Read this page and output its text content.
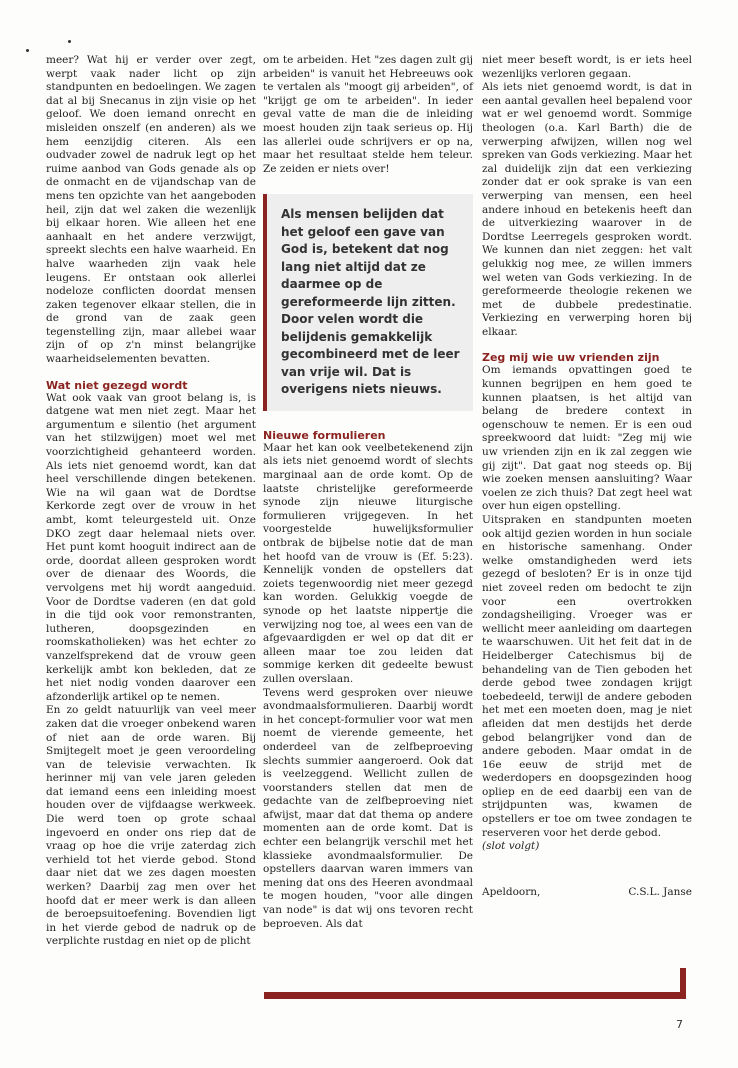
meer? Wat hij er verder over zegt, werpt vaak nader licht op zijn standpunten en bedoelingen. We zagen dat al bij Snecanus in zijn visie op het geloof. We doen iemand onrecht en misleiden onszelf (en anderen) als we hem eenzijdig citeren. Als een oudvader zowel de nadruk legt op het ruime aanbod van Gods genade als op de onmacht en de vijandschap van de mens ten opzichte van het aangeboden heil, zijn dat wel zaken die wezenlijk bij elkaar horen. Wie alleen het ene aanhaalt en het andere verzwijgt, spreekt slechts een halve waarheid. En halve waarheden zijn vaak hele leugens. Er ontstaan ook allerlei nodeloze conflicten doordat mensen zaken tegenover elkaar stellen, die in de grond van de zaak geen tegenstelling zijn, maar allebei waar zijn of op z'n minst belangrijke waarheidselementen bevatten.

Wat niet gezegd wordt

Wat ook vaak van groot belang is, is datgene wat men niet zegt. Maar het argumentum e silentio (het argument van het stilzwijgen) moet wel met voorzichtigheid gehanteerd worden. Als iets niet genoemd wordt, kan dat heel verschillende dingen betekenen. Wie na wil gaan wat de Dordtse Kerkorde zegt over de vrouw in het ambt, komt teleurgesteld uit. Onze DKO zegt daar helemaal niets over. Het punt komt hooguit indirect aan de orde, doordat alleen gesproken wordt over de dienaar des Woords, die vervolgens met hij wordt aangeduid. Voor de Dordtse vaderen (en dat gold in die tijd ook voor remonstranten, lutheren, doopsgezinden en roomskatholieken) was het echter zo vanzelfsprekend dat de vrouw geen kerkelijk ambt kon bekleden, dat ze het niet nodig vonden daarover een afzonderlijk artikel op te nemen.

En zo geldt natuurlijk van veel meer zaken dat die vroeger onbekend waren of niet aan de orde waren. Bij Smijtegelt moet je geen veroordeling van de televisie verwachten. Ik herinner mij van vele jaren geleden dat iemand eens een inleiding moest houden over de vijfdaagse werkweek. Die werd toen op grote schaal ingevoerd en onder ons riep dat de vraag op hoe die vrije zaterdag zich verhield tot het vierde gebod. Stond daar niet dat we zes dagen moesten werken? Daarbij zag men over het hoofd dat er meer werk is dan alleen de beroepsuitoefening. Bovendien ligt in het vierde gebod de nadruk op de verplichte rustdag en niet op de plicht

om te arbeiden. Het "zes dagen zult gij arbeiden" is vanuit het Hebreeuws ook te vertalen als "moogt gij arbeiden", of "krijgt ge om te arbeiden". In ieder geval vatte de man die de inleiding moest houden zijn taak serieus op. Hij las allerlei oude schrijvers er op na, maar het resultaat stelde hem teleur. Ze zeiden er niets over!

Als mensen belijden dat het geloof een gave van God is, betekent dat nog lang niet altijd dat ze daarmee op de gereformeerde lijn zitten. Door velen wordt die belijdenis gemakkelijk gecombineerd met de leer van vrije wil. Dat is overigens niets nieuws.
Nieuwe formulieren

Maar het kan ook veelbetekenend zijn als iets niet genoemd wordt of slechts marginaal aan de orde komt. Op de laatste christelijke gereformeerde synode zijn nieuwe liturgische formulieren vrijgegeven. In het voorgestelde huwelijksformulier ontbrak de bijbelse notie dat de man het hoofd van de vrouw is (Ef. 5:23). Kennelijk vonden de opstellers dat zoiets tegenwoordig niet meer gezegd kan worden. Gelukkig voegde de synode op het laatste nippertje die verwijzing nog toe, al wees een van de afgevaardigden er wel op dat dit er alleen maar toe zou leiden dat sommige kerken dit gedeelte bewust zullen overslaan.

Tevens werd gesproken over nieuwe avondmaalsformulieren. Daarbij wordt in het concept-formulier voor wat men noemt de vierende gemeente, het onderdeel van de zelfbeproeving slechts summier aangeroerd. Ook dat is veelzeggend. Wellicht zullen de voorstanders stellen dat men de gedachte van de zelfbeproeving niet afwijst, maar dat dat thema op andere momenten aan de orde komt. Dat is echter een belangrijk verschil met het klassieke avondmaalsformulier. De opstellers daarvan waren immers van mening dat ons des Heeren avondmaal te mogen houden, "voor alle dingen van node" is dat wij ons tevoren recht beproeven. Als dat

niet meer beseft wordt, is er iets heel wezenlijks verloren gegaan.

Als iets niet genoemd wordt, is dat in een aantal gevallen heel bepalend voor wat er wel genoemd wordt. Sommige theologen (o.a. Karl Barth) die de verwerping afwijzen, willen nog wel spreken van Gods verkiezing. Maar het zal duidelijk zijn dat een verkiezing zonder dat er ook sprake is van een verwerping van mensen, een heel andere inhoud en betekenis heeft dan de uitverkiezing waarover in de Dordtse Leerregels gesproken wordt. We kunnen dan niet zeggen: het valt gelukkig nog mee, ze willen immers wel weten van Gods verkiezing. In de gereformeerde theologie rekenen we met de dubbele predestinatie. Verkiezing en verwerping horen bij elkaar.

Zeg mij wie uw vrienden zijn

Om iemands opvattingen goed te kunnen begrijpen en hem goed te kunnen plaatsen, is het altijd van belang de bredere context in ogenschouw te nemen. Er is een oud spreekwoord dat luidt: "Zeg mij wie uw vrienden zijn en ik zal zeggen wie gij zijt". Dat gaat nog steeds op. Bij wie zoeken mensen aansluiting? Waar voelen ze zich thuis? Dat zegt heel wat over hun eigen opstelling.

Uitspraken en standpunten moeten ook altijd gezien worden in hun sociale en historische samenhang. Onder welke omstandigheden werd iets gezegd of besloten? Er is in onze tijd niet zoveel reden om bedocht te zijn voor een overtrokken zondagsheiliging. Vroeger was er wellicht meer aanleiding om daartegen te waarschuwen. Uit het feit dat in de Heidelberger Catechismus bij de behandeling van de Tien geboden het derde gebod twee zondagen krijgt toebedeeld, terwijl de andere geboden het met een moeten doen, mag je niet afleiden dat men destijds het derde gebod belangrijker vond dan de andere geboden. Maar omdat in de 16e eeuw de strijd met de wederdopers en doopsgezinden hoog opliep en de eed daarbij een van de strijdpunten was, kwamen de opstellers er toe om twee zondagen te reserveren voor het derde gebod.

(slot volgt)

Apeldoorn,	C.S.L. Janse
7
